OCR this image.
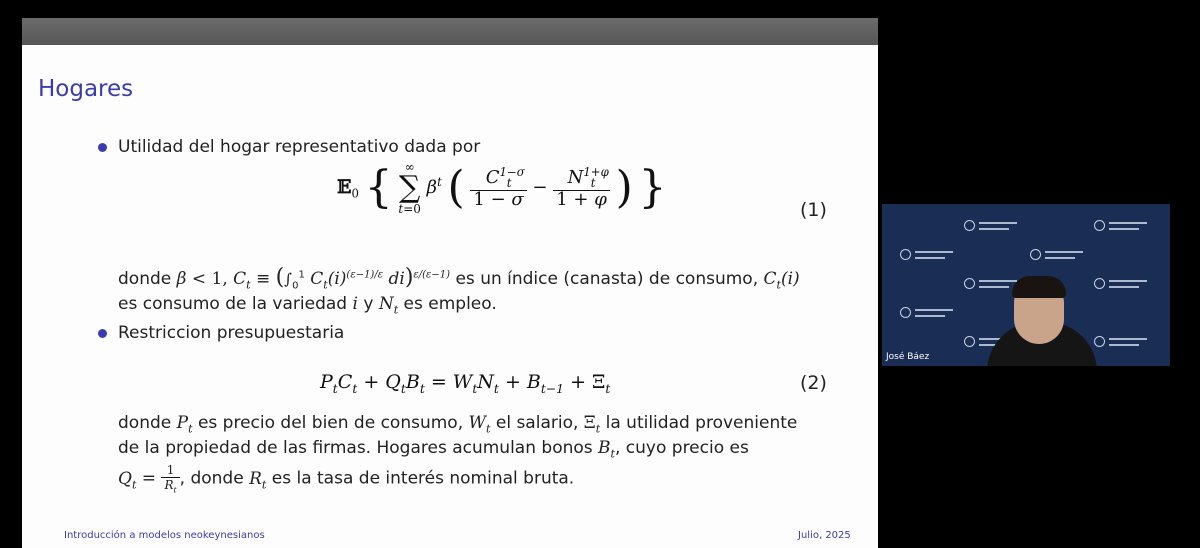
Hogares
Utilidad del hogar representativo dada por
𝔼$_0$ {	∞
∑
t=0
$\beta^t$ ( $\frac{C^{1-\sigma}_t}{1 - \sigma} - \frac{N^{1+\varphi}_t}{1 + \varphi}$ ) }	(1)
donde β < 1, $C_t \equiv (\int_0^1$ $C_t(i)^{(\varepsilon-1)/\varepsilon}$ di)$^{\varepsilon/(\varepsilon-1)}$ es un índice (canasta) de consumo, $C_t(i)$
es consumo de la variedad i y $N_t$ es empleo.
Restriccion presupuestaria
$P_tC_t + Q_tB_t = W_tN_t + B_{t-1} + \Xi_t$	(2)
donde $P_t$ es precio del bien de consumo, $W_t$ el salario, $\Xi_t$ la utilidad proveniente
de la propiedad de las firmas. Hogares acumulan bonos $B_t$, cuyo precio es
$Q_t = \frac{1}{R_t}$ , donde $R_t$ es la tasa de interés nominal bruta.
Introducción a modelos neokeynesianos	Julio, 2025
José Báez
